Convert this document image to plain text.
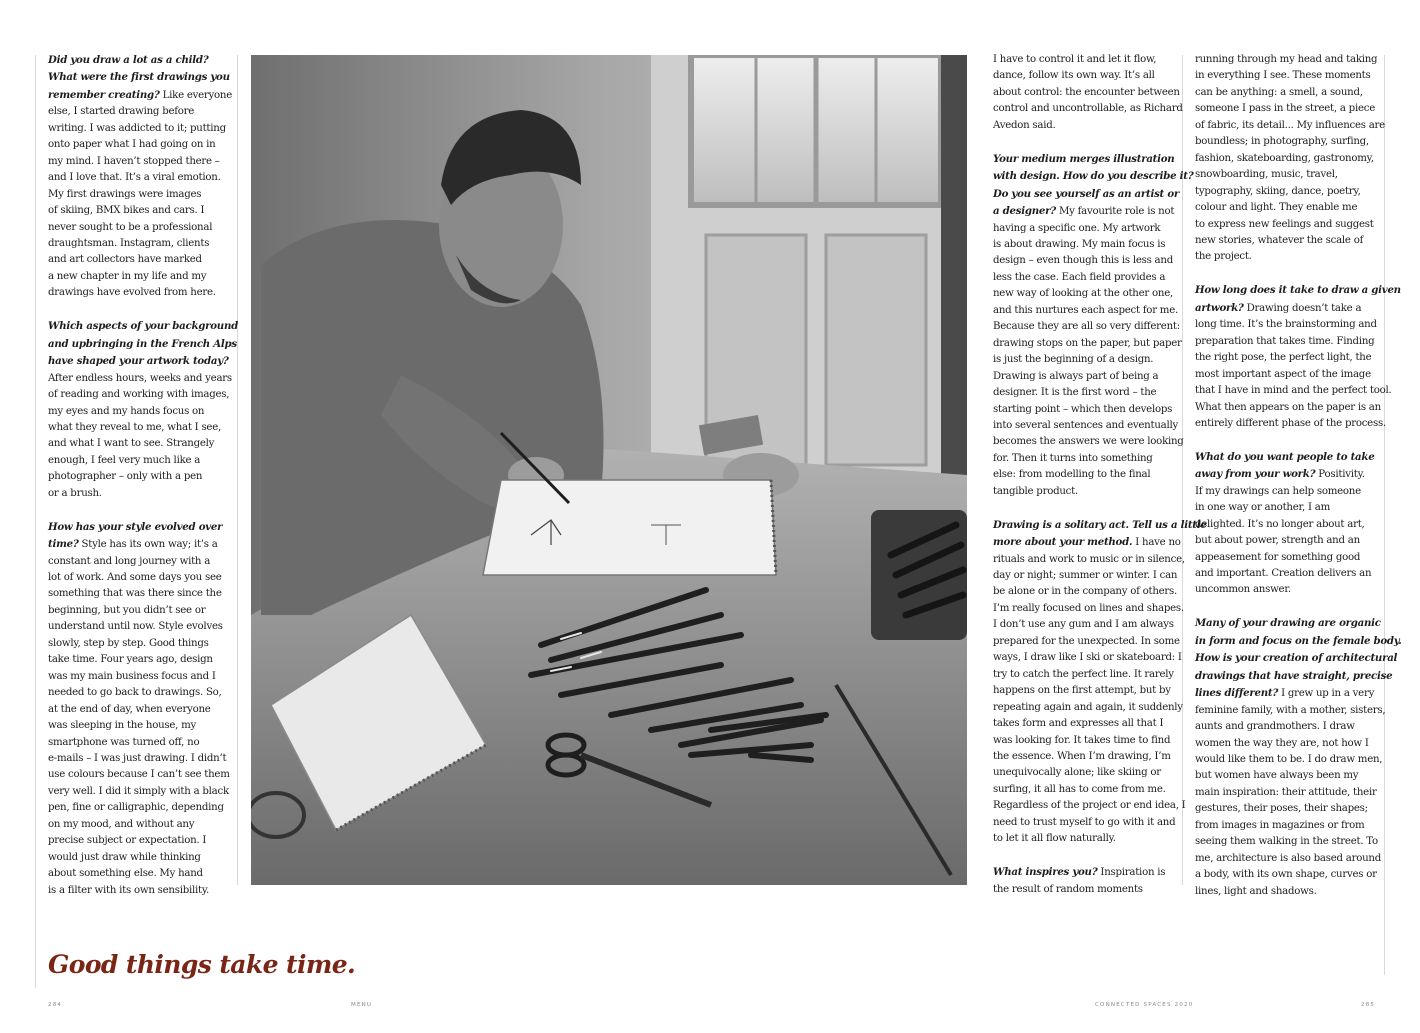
Did you draw a lot as a child?
What were the first drawings you
remember creating? Like everyone
else, I started drawing before
writing. I was addicted to it; putting
onto paper what I had going on in
my mind. I haven’t stopped there –
and I love that. It’s a viral emotion.
My first drawings were images
of skiing, BMX bikes and cars. I
never sought to be a professional
draughtsman. Instagram, clients
and art collectors have marked
a new chapter in my life and my
drawings have evolved from here.

Which aspects of your background
and upbringing in the French Alps
have shaped your artwork today?
After endless hours, weeks and years
of reading and working with images,
my eyes and my hands focus on
what they reveal to me, what I see,
and what I want to see. Strangely
enough, I feel very much like a
photographer – only with a pen
or a brush.

How has your style evolved over
time? Style has its own way; it’s a
constant and long journey with a
lot of work. And some days you see
something that was there since the
beginning, but you didn’t see or
understand until now. Style evolves
slowly, step by step. Good things
take time. Four years ago, design
was my main business focus and I
needed to go back to drawings. So,
at the end of day, when everyone
was sleeping in the house, my
smartphone was turned off, no
e-mails – I was just drawing. I didn’t
use colours because I can’t see them
very well. I did it simply with a black
pen, fine or calligraphic, depending
on my mood, and without any
precise subject or expectation. I
would just draw while thinking
about something else. My hand
is a filter with its own sensibility.

I have to control it and let it flow,
dance, follow its own way. It’s all
about control: the encounter between
control and uncontrollable, as Richard
Avedon said.

Your medium merges illustration
with design. How do you describe it?
Do you see yourself as an artist or
a designer? My favourite role is not
having a specific one. My artwork
is about drawing. My main focus is
design – even though this is less and
less the case. Each field provides a
new way of looking at the other one,
and this nurtures each aspect for me.
Because they are all so very different:
drawing stops on the paper, but paper
is just the beginning of a design.
Drawing is always part of being a
designer. It is the first word – the
starting point – which then develops
into several sentences and eventually
becomes the answers we were looking
for. Then it turns into something
else: from modelling to the final
tangible product.

Drawing is a solitary act. Tell us a little
more about your method. I have no
rituals and work to music or in silence,
day or night; summer or winter. I can
be alone or in the company of others.
I’m really focused on lines and shapes.
I don’t use any gum and I am always
prepared for the unexpected. In some
ways, I draw like I ski or skateboard: I
try to catch the perfect line. It rarely
happens on the first attempt, but by
repeating again and again, it suddenly
takes form and expresses all that I
was looking for. It takes time to find
the essence. When I’m drawing, I’m
unequivocally alone; like skiing or
surfing, it all has to come from me.
Regardless of the project or end idea, I
need to trust myself to go with it and
to let it all flow naturally.

What inspires you? Inspiration is
the result of random moments

running through my head and taking
in everything I see. These moments
can be anything: a smell, a sound,
someone I pass in the street, a piece
of fabric, its detail... My influences are
boundless; in photography, surfing,
fashion, skateboarding, gastronomy,
snowboarding, music, travel,
typography, skiing, dance, poetry,
colour and light. They enable me
to express new feelings and suggest
new stories, whatever the scale of
the project.

How long does it take to draw a given
artwork? Drawing doesn’t take a
long time. It’s the brainstorming and
preparation that takes time. Finding
the right pose, the perfect light, the
most important aspect of the image
that I have in mind and the perfect tool.
What then appears on the paper is an
entirely different phase of the process.

What do you want people to take
away from your work? Positivity.
If my drawings can help someone
in one way or another, I am
delighted. It’s no longer about art,
but about power, strength and an
appeasement for something good
and important. Creation delivers an
uncommon answer.

Many of your drawing are organic
in form and focus on the female body.
How is your creation of architectural
drawings that have straight, precise
lines different? I grew up in a very
feminine family, with a mother, sisters,
aunts and grandmothers. I draw
women the way they are, not how I
would like them to be. I do draw men,
but women have always been my
main inspiration: their attitude, their
gestures, their poses, their shapes;
from images in magazines or from
seeing them walking in the street. To
me, architecture is also based around
a body, with its own shape, curves or
lines, light and shadows.

Good things take time.

284	MENU	CONNECTED SPACES 2020	285
